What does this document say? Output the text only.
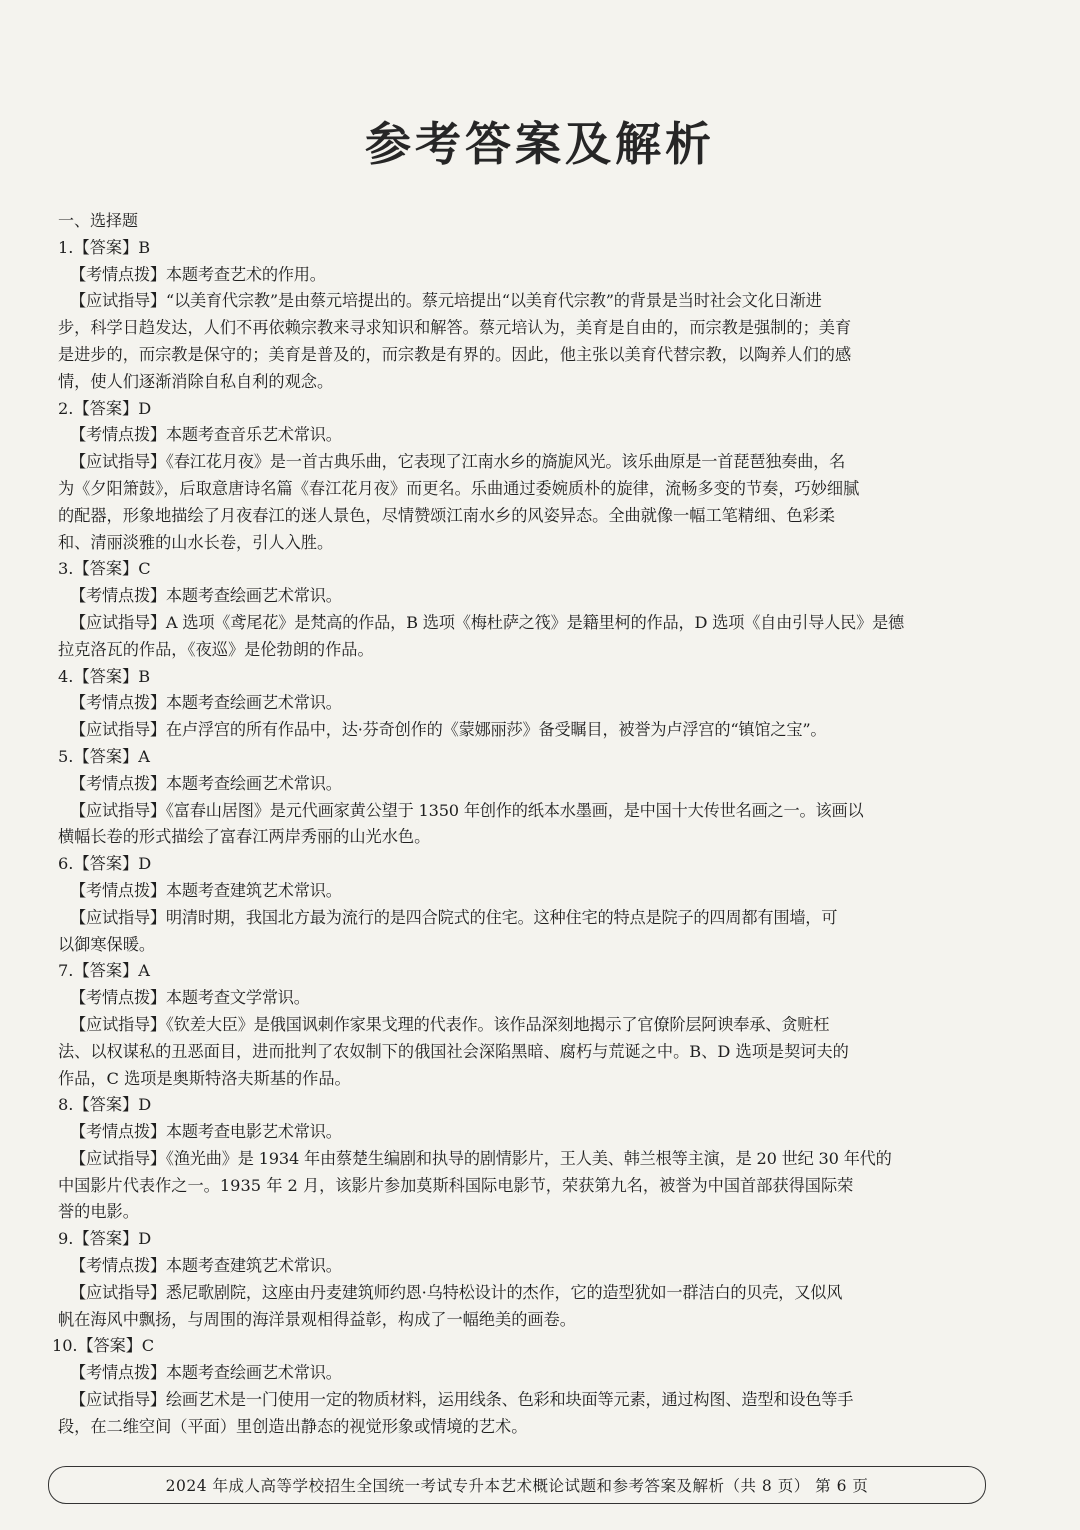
参考答案及解析
一、选择题
1.【答案】B
【考情点拨】本题考查艺术的作用。
【应试指导】“以美育代宗教”是由蔡元培提出的。蔡元培提出“以美育代宗教”的背景是当时社会文化日渐进
步，科学日趋发达，人们不再依赖宗教来寻求知识和解答。蔡元培认为，美育是自由的，而宗教是强制的；美育
是进步的，而宗教是保守的；美育是普及的，而宗教是有界的。因此，他主张以美育代替宗教，以陶养人们的感
情，使人们逐渐消除自私自利的观念。
2.【答案】D
【考情点拨】本题考查音乐艺术常识。
【应试指导】《春江花月夜》是一首古典乐曲，它表现了江南水乡的旖旎风光。该乐曲原是一首琵琶独奏曲，名
为《夕阳箫鼓》，后取意唐诗名篇《春江花月夜》而更名。乐曲通过委婉质朴的旋律，流畅多变的节奏，巧妙细腻
的配器，形象地描绘了月夜春江的迷人景色，尽情赞颂江南水乡的风姿异态。全曲就像一幅工笔精细、色彩柔
和、清丽淡雅的山水长卷，引人入胜。
3.【答案】C
【考情点拨】本题考查绘画艺术常识。
【应试指导】A 选项《鸢尾花》是梵高的作品，B 选项《梅杜萨之筏》是籍里柯的作品，D 选项《自由引导人民》是德
拉克洛瓦的作品，《夜巡》是伦勃朗的作品。
4.【答案】B
【考情点拨】本题考查绘画艺术常识。
【应试指导】在卢浮宫的所有作品中，达·芬奇创作的《蒙娜丽莎》备受瞩目，被誉为卢浮宫的“镇馆之宝”。
5.【答案】A
【考情点拨】本题考查绘画艺术常识。
【应试指导】《富春山居图》是元代画家黄公望于 1350 年创作的纸本水墨画，是中国十大传世名画之一。该画以
横幅长卷的形式描绘了富春江两岸秀丽的山光水色。
6.【答案】D
【考情点拨】本题考查建筑艺术常识。
【应试指导】明清时期，我国北方最为流行的是四合院式的住宅。这种住宅的特点是院子的四周都有围墙，可
以御寒保暖。
7.【答案】A
【考情点拨】本题考查文学常识。
【应试指导】《钦差大臣》是俄国讽刺作家果戈理的代表作。该作品深刻地揭示了官僚阶层阿谀奉承、贪赃枉
法、以权谋私的丑恶面目，进而批判了农奴制下的俄国社会深陷黑暗、腐朽与荒诞之中。B、D 选项是契诃夫的
作品，C 选项是奥斯特洛夫斯基的作品。
8.【答案】D
【考情点拨】本题考查电影艺术常识。
【应试指导】《渔光曲》是 1934 年由蔡楚生编剧和执导的剧情影片，王人美、韩兰根等主演，是 20 世纪 30 年代的
中国影片代表作之一。1935 年 2 月，该影片参加莫斯科国际电影节，荣获第九名，被誉为中国首部获得国际荣
誉的电影。
9.【答案】D
【考情点拨】本题考查建筑艺术常识。
【应试指导】悉尼歌剧院，这座由丹麦建筑师约恩·乌特松设计的杰作，它的造型犹如一群洁白的贝壳，又似风
帆在海风中飘扬，与周围的海洋景观相得益彰，构成了一幅绝美的画卷。
10.【答案】C
【考情点拨】本题考查绘画艺术常识。
【应试指导】绘画艺术是一门使用一定的物质材料，运用线条、色彩和块面等元素，通过构图、造型和设色等手
段，在二维空间（平面）里创造出静态的视觉形象或情境的艺术。
2024 年成人高等学校招生全国统一考试专升本艺术概论试题和参考答案及解析（共 8 页） 第 6 页
